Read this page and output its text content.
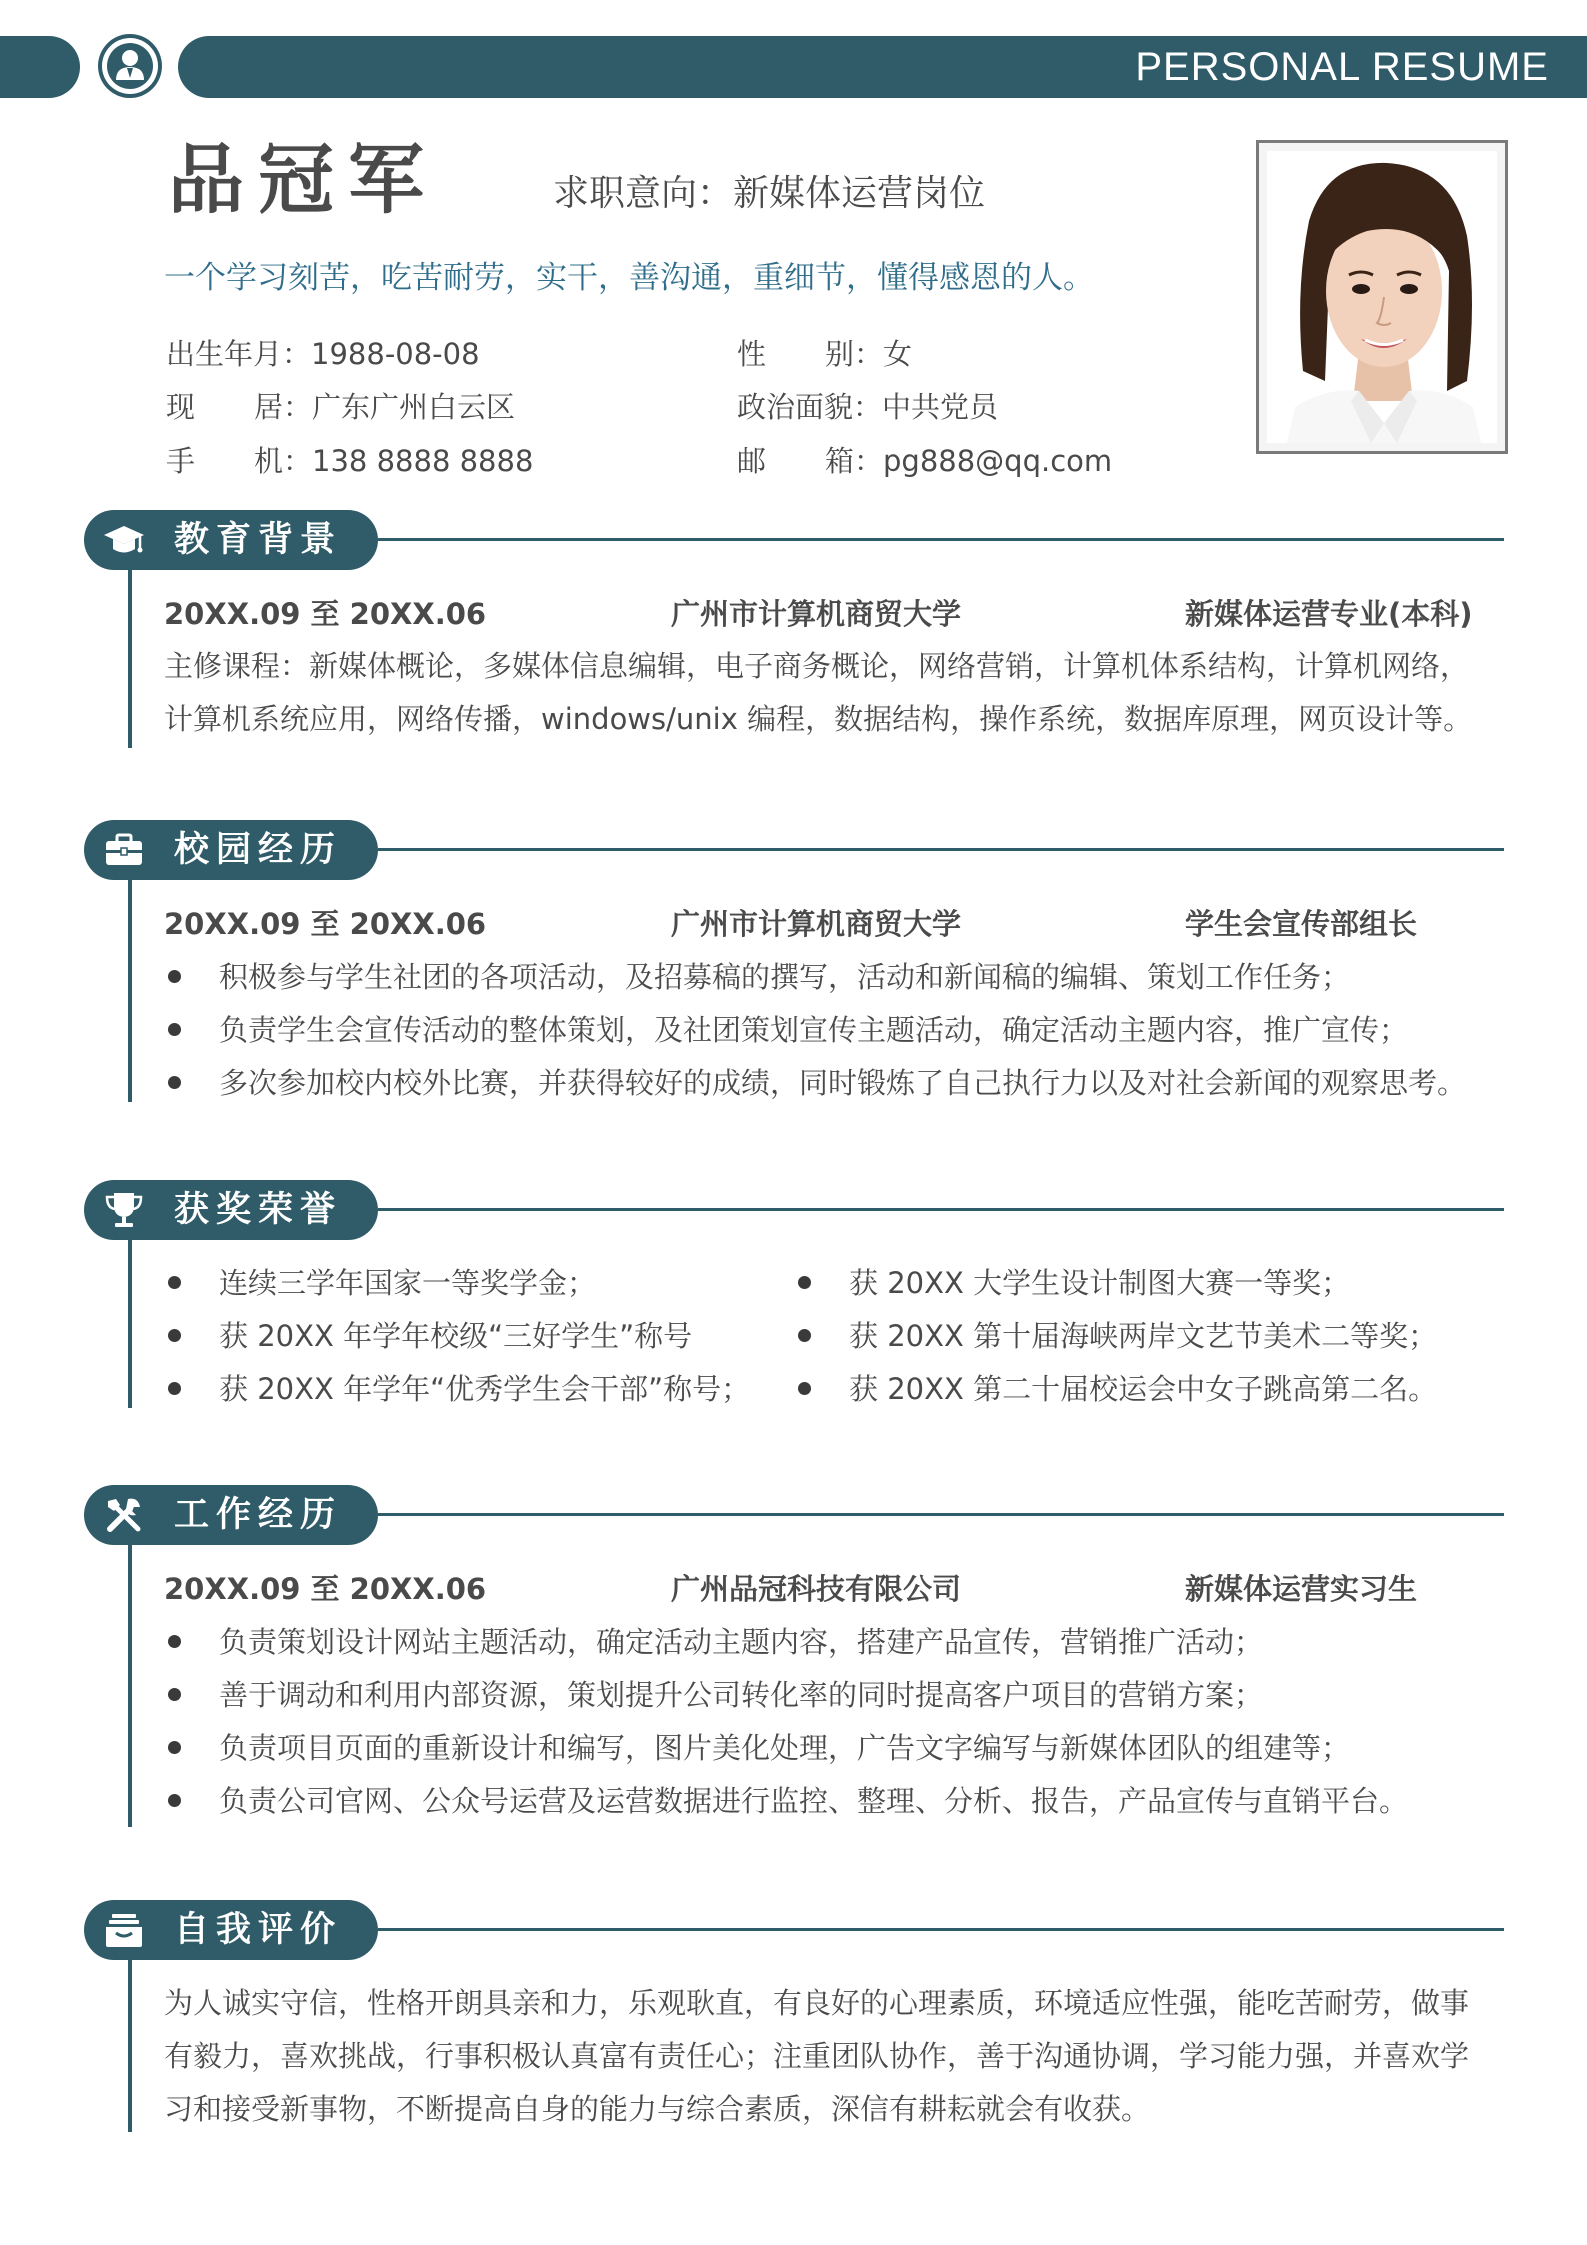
PERSONAL RESUME
品冠军	求职意向：新媒体运营岗位
一个学习刻苦，吃苦耐劳，实干，善沟通，重细节，懂得感恩的人。
出生年月：1988-08-08	性 别：女
现 居：广东广州白云区	政治面貌：中共党员
手 机：138 8888 8888	邮 箱：pg888@qq.com
教育背景
20XX.09 至 20XX.06	广州市计算机商贸大学	新媒体运营专业(本科)
主修课程：新媒体概论，多媒体信息编辑，电子商务概论，网络营销，计算机体系结构，计算机网络，计算机系统应用，网络传播，windows/unix 编程，数据结构，操作系统，数据库原理，网页设计等。
校园经历
20XX.09 至 20XX.06	广州市计算机商贸大学	学生会宣传部组长
积极参与学生社团的各项活动，及招募稿的撰写，活动和新闻稿的编辑、策划工作任务；
负责学生会宣传活动的整体策划，及社团策划宣传主题活动，确定活动主题内容，推广宣传；
多次参加校内校外比赛，并获得较好的成绩，同时锻炼了自己执行力以及对社会新闻的观察思考。
获奖荣誉
连续三学年国家一等奖学金；
获 20XX 年学年校级“三好学生”称号
获 20XX 年学年“优秀学生会干部”称号；
获 20XX 大学生设计制图大赛一等奖；
获 20XX 第十届海峡两岸文艺节美术二等奖；
获 20XX 第二十届校运会中女子跳高第二名。
工作经历
20XX.09 至 20XX.06	广州品冠科技有限公司	新媒体运营实习生
负责策划设计网站主题活动，确定活动主题内容，搭建产品宣传，营销推广活动；
善于调动和利用内部资源，策划提升公司转化率的同时提高客户项目的营销方案；
负责项目页面的重新设计和编写，图片美化处理，广告文字编写与新媒体团队的组建等；
负责公司官网、公众号运营及运营数据进行监控、整理、分析、报告，产品宣传与直销平台。
自我评价
为人诚实守信，性格开朗具亲和力，乐观耿直，有良好的心理素质，环境适应性强，能吃苦耐劳，做事有毅力，喜欢挑战，行事积极认真富有责任心；注重团队协作，善于沟通协调，学习能力强，并喜欢学习和接受新事物，不断提高自身的能力与综合素质，深信有耕耘就会有收获。
